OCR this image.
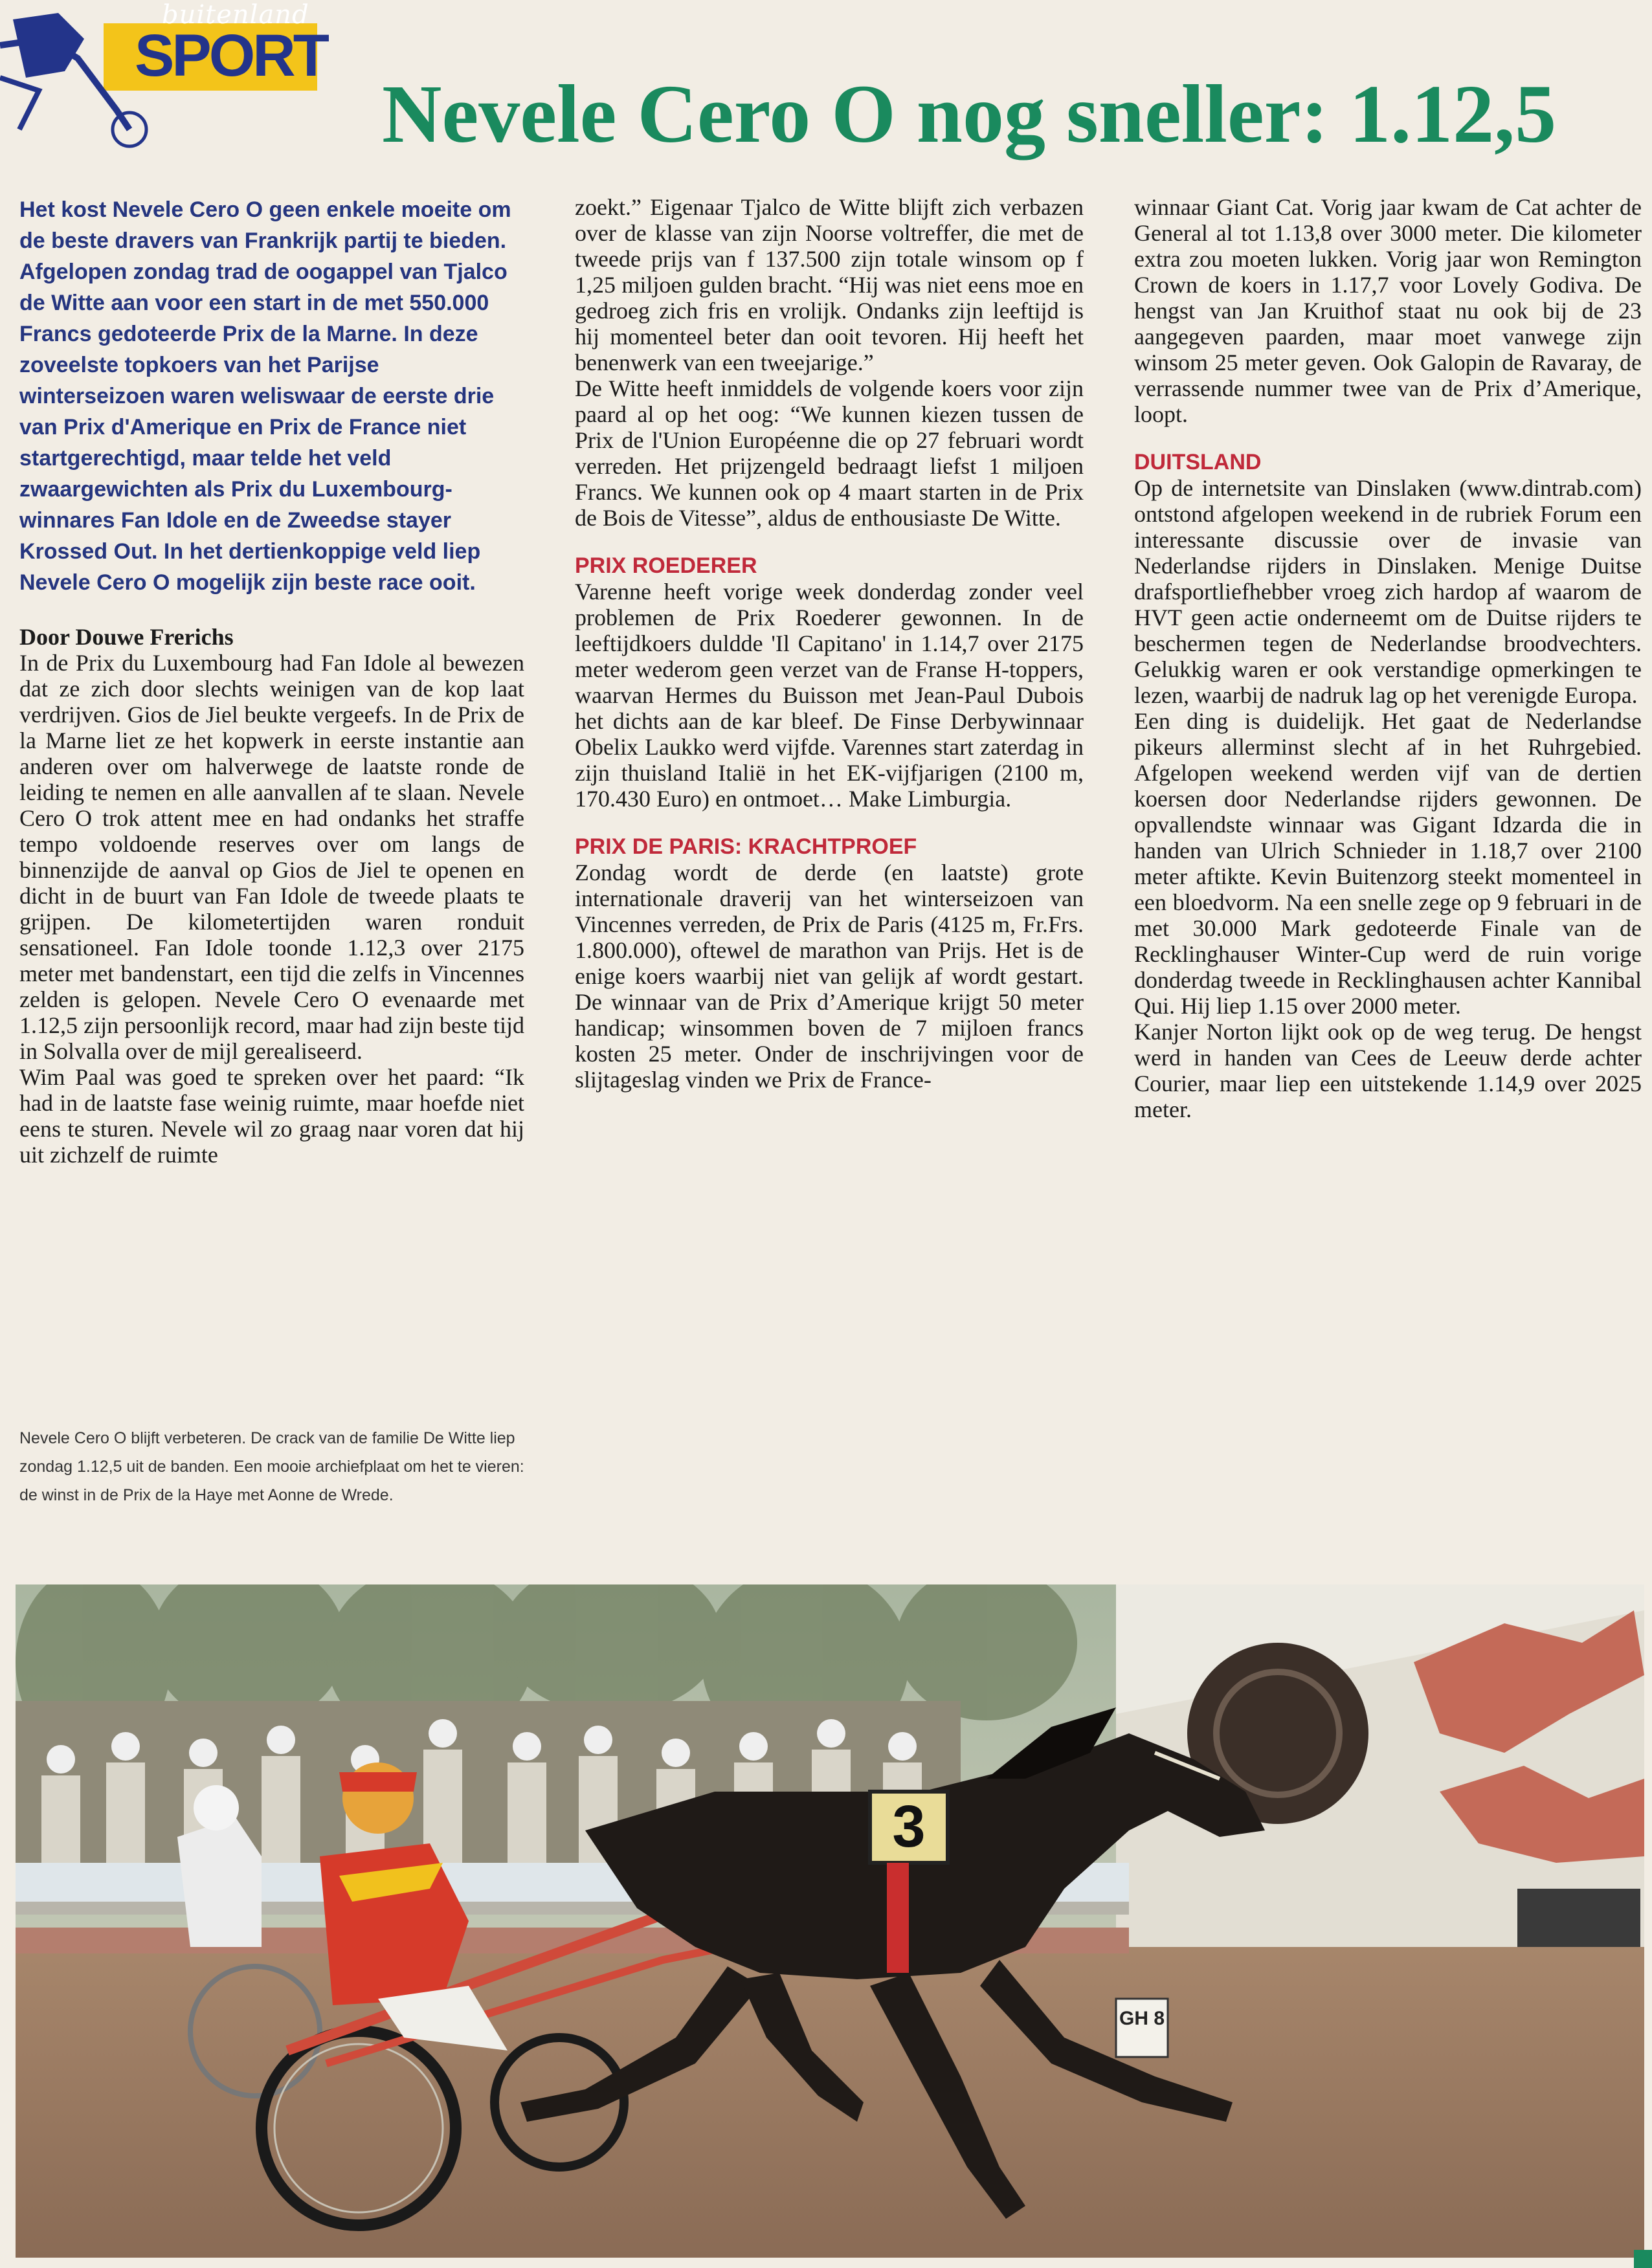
buitenland
SPORT
Nevele Cero O nog sneller: 1.12,5

Het kost Nevele Cero O geen enkele moeite om de beste dravers van Frankrijk partij te bieden. Afgelopen zondag trad de oogappel van Tjalco de Witte aan voor een start in de met 550.000 Francs gedoteerde Prix de la Marne. In deze zoveelste topkoers van het Parijse winterseizoen waren weliswaar de eerste drie van Prix d'Amerique en Prix de France niet startgerechtigd, maar telde het veld zwaargewichten als Prix du Luxembourg-winnares Fan Idole en de Zweedse stayer Krossed Out. In het dertienkoppige veld liep Nevele Cero O mogelijk zijn beste race ooit.

Door Douwe Frerichs

In de Prix du Luxembourg had Fan Idole al bewezen dat ze zich door slechts weinigen van de kop laat verdrijven. Gios de Jiel beukte vergeefs. In de Prix de la Marne liet ze het kopwerk in eerste instantie aan anderen over om halverwege de laatste ronde de leiding te nemen en alle aanvallen af te slaan. Nevele Cero O trok attent mee en had ondanks het straffe tempo voldoende reserves over om langs de binnenzijde de aanval op Gios de Jiel te openen en dicht in de buurt van Fan Idole de tweede plaats te grijpen. De kilometertijden waren ronduit sensationeel. Fan Idole toonde 1.12,3 over 2175 meter met bandenstart, een tijd die zelfs in Vincennes zelden is gelopen. Nevele Cero O evenaarde met 1.12,5 zijn persoonlijk record, maar had zijn beste tijd in Solvalla over de mijl gerealiseerd.

Wim Paal was goed te spreken over het paard: “Ik had in de laatste fase weinig ruimte, maar hoefde niet eens te sturen. Nevele wil zo graag naar voren dat hij uit zichzelf de ruimte

Nevele Cero O blijft verbeteren. De crack van de familie De Witte liep zondag 1.12,5 uit de banden. Een mooie archiefplaat om het te vieren: de winst in de Prix de la Haye met Aonne de Wrede.

zoekt.” Eigenaar Tjalco de Witte blijft zich verbazen over de klasse van zijn Noorse voltreffer, die met de tweede prijs van f 137.500 zijn totale winsom op f 1,25 miljoen gulden bracht. “Hij was niet eens moe en gedroeg zich fris en vrolijk. Ondanks zijn leeftijd is hij momenteel beter dan ooit tevoren. Hij heeft het benenwerk van een tweejarige.”

De Witte heeft inmiddels de volgende koers voor zijn paard al op het oog: “We kunnen kiezen tussen de Prix de l'Union Européenne die op 27 februari wordt verreden. Het prijzengeld bedraagt liefst 1 miljoen Francs. We kunnen ook op 4 maart starten in de Prix de Bois de Vitesse”, aldus de enthousiaste De Witte.

PRIX ROEDERER

Varenne heeft vorige week donderdag zonder veel problemen de Prix Roederer gewonnen. In de leeftijdkoers duldde 'Il Capitano' in 1.14,7 over 2175 meter wederom geen verzet van de Franse H-toppers, waarvan Hermes du Buisson met Jean-Paul Dubois het dichts aan de kar bleef. De Finse Derbywinnaar Obelix Laukko werd vijfde. Varennes start zaterdag in zijn thuisland Italië in het EK-vijfjarigen (2100 m, 170.430 Euro) en ontmoet… Make Limburgia.

PRIX DE PARIS: KRACHTPROEF

Zondag wordt de derde (en laatste) grote internationale draverij van het winterseizoen van Vincennes verreden, de Prix de Paris (4125 m, Fr.Frs. 1.800.000), oftewel de marathon van Prijs. Het is de enige koers waarbij niet van gelijk af wordt gestart. De winnaar van de Prix d’Amerique krijgt 50 meter handicap; winsommen boven de 7 mijloen francs kosten 25 meter. Onder de inschrijvingen voor de slijtageslag vinden we Prix de France-

winnaar Giant Cat. Vorig jaar kwam de Cat achter de General al tot 1.13,8 over 3000 meter. Die kilometer extra zou moeten lukken. Vorig jaar won Remington Crown de koers in 1.17,7 voor Lovely Godiva. De hengst van Jan Kruithof staat nu ook bij de 23 aangegeven paarden, maar moet vanwege zijn winsom 25 meter geven. Ook Galopin de Ravaray, de verrassende nummer twee van de Prix d’Amerique, loopt.

DUITSLAND

Op de internetsite van Dinslaken (www.dintrab.com) ontstond afgelopen weekend in de rubriek Forum een interessante discussie over de invasie van Nederlandse rijders in Dinslaken. Menige Duitse drafsportliefhebber vroeg zich hardop af waarom de HVT geen actie onderneemt om de Duitse rijders te beschermen tegen de Nederlandse broodvechters. Gelukkig waren er ook verstandige opmerkingen te lezen, waarbij de nadruk lag op het verenigde Europa.

Een ding is duidelijk. Het gaat de Nederlandse pikeurs allerminst slecht af in het Ruhrgebied. Afgelopen weekend werden vijf van de dertien koersen door Nederlandse rijders gewonnen. De opvallendste winnaar was Gigant Idzarda die in handen van Ulrich Schnieder in 1.18,7 over 2100 meter aftikte. Kevin Buitenzorg steekt momenteel in een bloedvorm. Na een snelle zege op 9 februari in de met 30.000 Mark gedoteerde Finale van de Recklinghauser Winter-Cup werd de ruin vorige donderdag tweede in Recklinghausen achter Kannibal Qui. Hij liep 1.15 over 2000 meter.

Kanjer Norton lijkt ook op de weg terug. De hengst werd in handen van Cees de Leeuw derde achter Courier, maar liep een uitstekende 1.14,9 over 2025 meter.

GH 8
3
